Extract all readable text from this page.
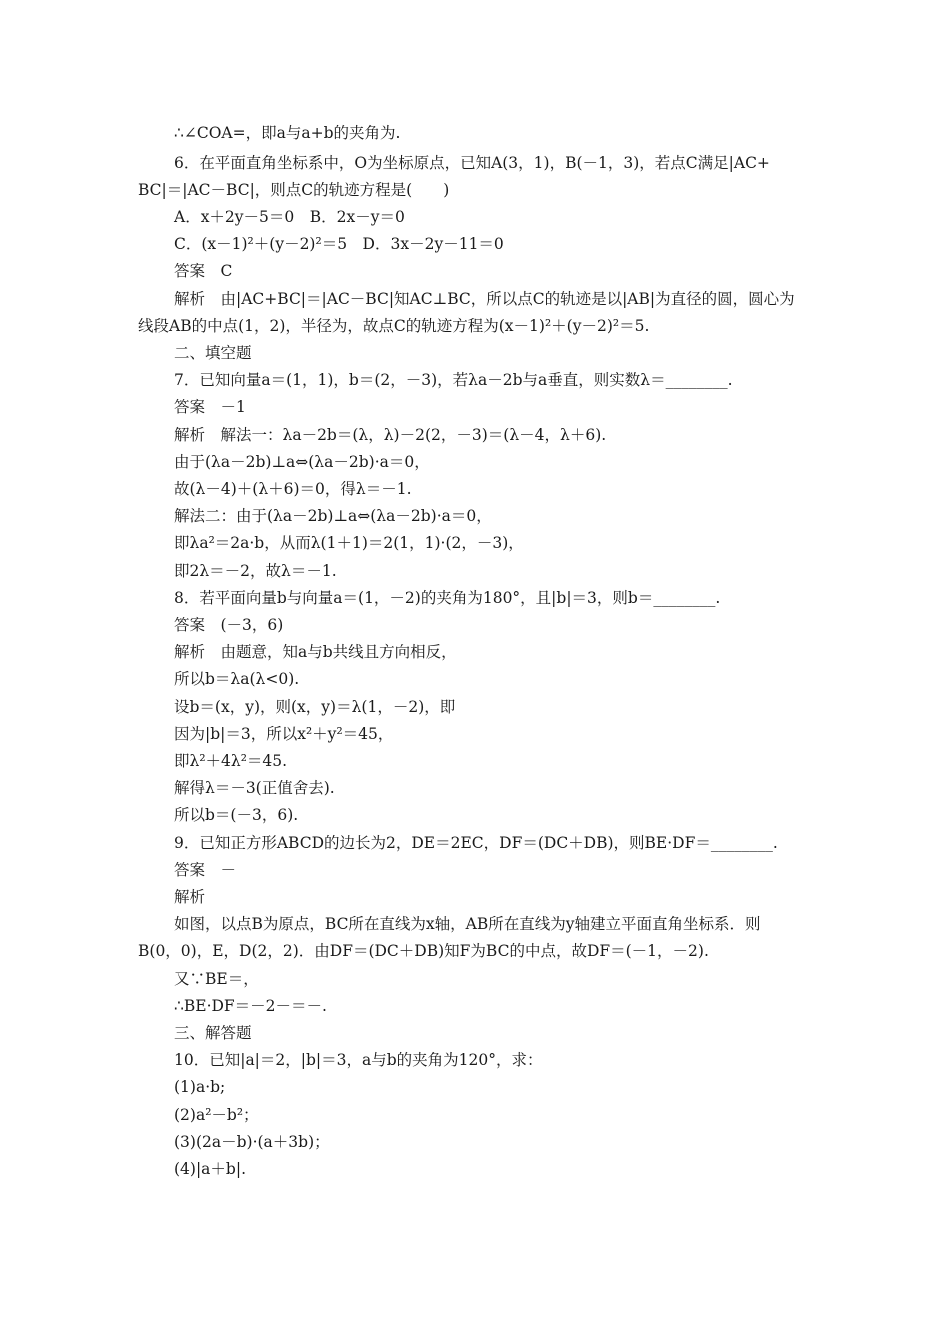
∴∠COA=，即a与a+b的夹角为.
6．在平面直角坐标系中，O为坐标原点，已知A(3，1)，B(－1，3)，若点C满足|AC+
BC|＝|AC－BC|，则点C的轨迹方程是(　　)
A．x＋2y－5＝0　B．2x－y＝0
C．(x－1)²＋(y－2)²＝5　D．3x－2y－11＝0
答案　C
解析　由|AC+BC|＝|AC－BC|知AC⊥BC，所以点C的轨迹是以|AB|为直径的圆，圆心为
线段AB的中点(1，2)，半径为，故点C的轨迹方程为(x－1)²＋(y－2)²＝5.
二、填空题
7．已知向量a＝(1，1)，b＝(2，－3)，若λa－2b与a垂直，则实数λ＝________.
答案　－1
解析　解法一：λa－2b＝(λ，λ)－2(2，－3)＝(λ－4，λ＋6).
由于(λa－2b)⊥a⇔(λa－2b)·a＝0，
故(λ－4)＋(λ＋6)＝0，得λ＝－1.
解法二：由于(λa－2b)⊥a⇔(λa－2b)·a＝0，
即λa²＝2a·b，从而λ(1＋1)＝2(1，1)·(2，－3)，
即2λ＝－2，故λ＝－1.
8．若平面向量b与向量a＝(1，－2)的夹角为180°，且|b|＝3，则b＝________.
答案　(－3，6)
解析　由题意，知a与b共线且方向相反，
所以b＝λa(λ<0).
设b＝(x，y)，则(x，y)＝λ(1，－2)，即
因为|b|＝3，所以x²＋y²＝45，
即λ²＋4λ²＝45.
解得λ＝－3(正值舍去).
所以b＝(－3，6).
9．已知正方形ABCD的边长为2，DE＝2EC，DF＝(DC＋DB)，则BE·DF＝________.
答案　－
解析
如图，以点B为原点，BC所在直线为x轴，AB所在直线为y轴建立平面直角坐标系．则
B(0，0)，E，D(2，2)．由DF＝(DC＋DB)知F为BC的中点，故DF＝(－1，－2).
又∵BE＝，
∴BE·DF＝－2－＝－.
三、解答题
10．已知|a|＝2，|b|＝3，a与b的夹角为120°，求：
(1)a·b;
(2)a²－b²；
(3)(2a－b)·(a＋3b)；
(4)|a＋b|.
